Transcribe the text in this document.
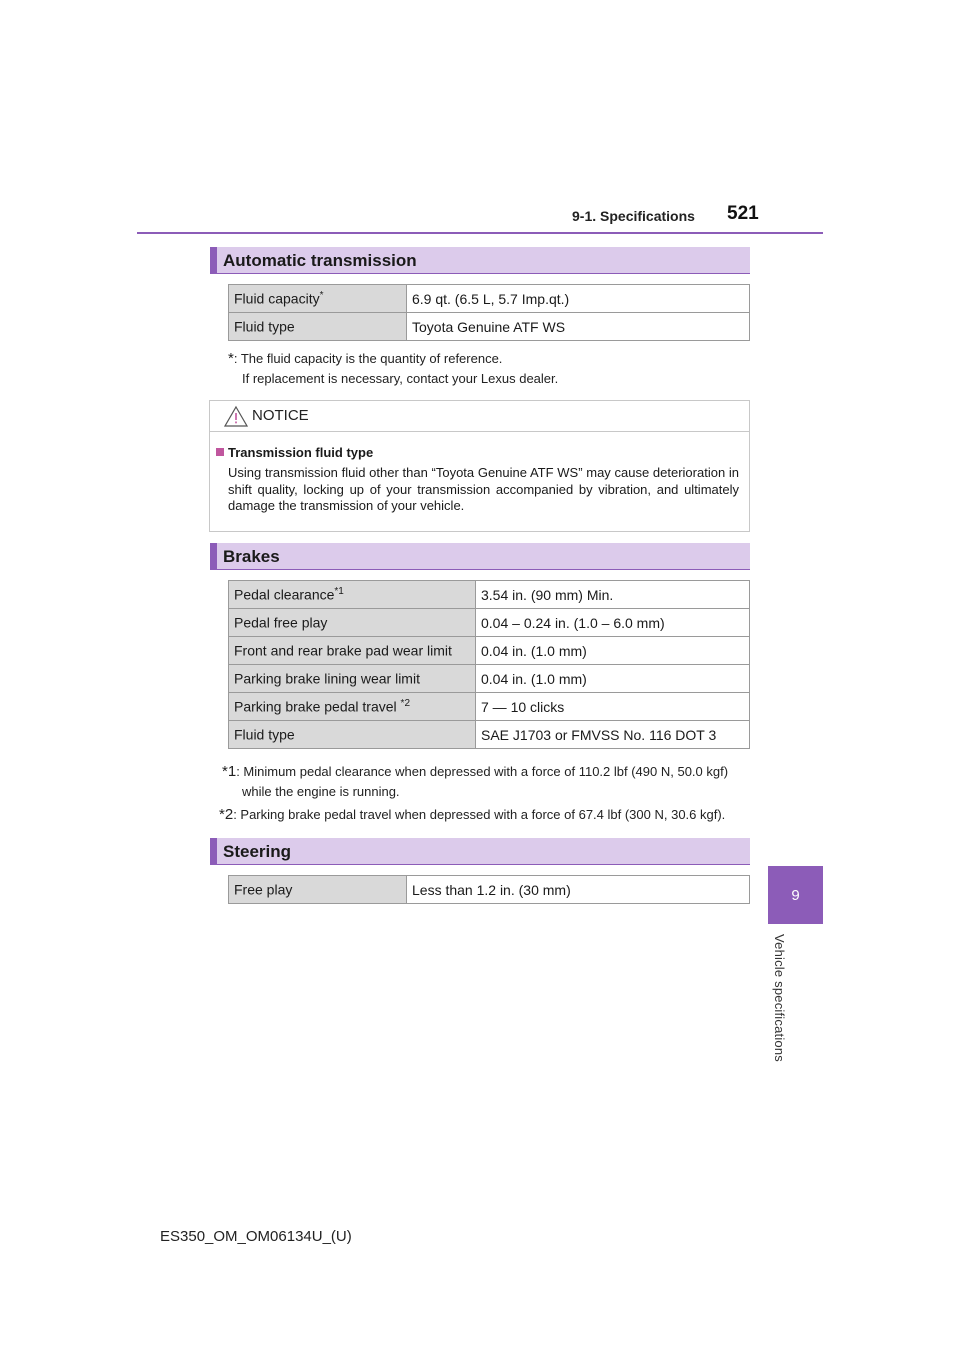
9-1. Specifications 521
9
Vehicle specifications
Automatic transmission
Fluid capacity*	6.9 qt. (6.5 L, 5.7 Imp.qt.)
Fluid type	Toyota Genuine ATF WS
*: The fluid capacity is the quantity of reference.
If replacement is necessary, contact your Lexus dealer.
NOTICE
Transmission fluid type
Using transmission fluid other than “Toyota Genuine ATF WS” may cause deterioration in shift quality, locking up of your transmission accompanied by vibration, and ultimately damage the transmission of your vehicle.
Brakes
Pedal clearance$^{*1}$	3.54 in. (90 mm) Min.
Pedal free play	0.04 – 0.24 in. (1.0 – 6.0 mm)
Front and rear brake pad wear limit	0.04 in. (1.0 mm)
Parking brake lining wear limit	0.04 in. (1.0 mm)
Parking brake pedal travel $^{*2}$	7 — 10 clicks
Fluid type	SAE J1703 or FMVSS No. 116 DOT 3
*1: Minimum pedal clearance when depressed with a force of 110.2 lbf (490 N, 50.0 kgf)
while the engine is running.
*2: Parking brake pedal travel when depressed with a force of 67.4 lbf (300 N, 30.6 kgf).
Steering
Free play	Less than 1.2 in. (30 mm)
ES350_OM_OM06134U_(U)
